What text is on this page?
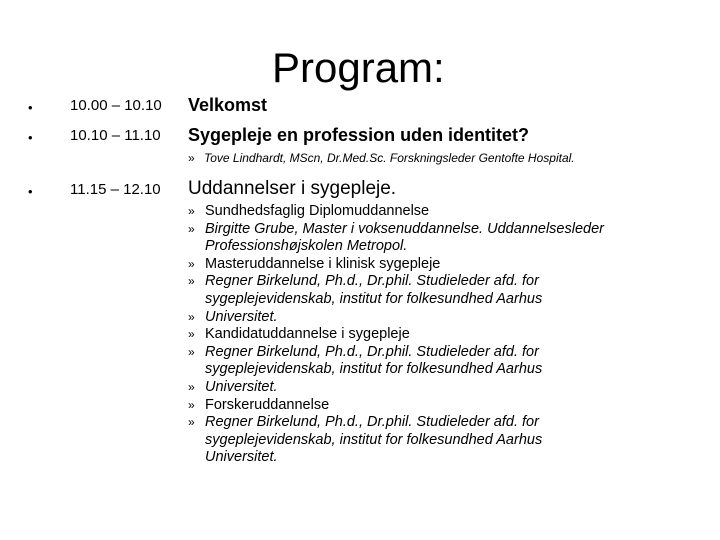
Program:
• 10.00 – 10.10 Velkomst
• 10.10 – 11.10 Sygepleje en profession uden identitet?
» Tove Lindhardt, MScn, Dr.Med.Sc. Forskningsleder Gentofte Hospital.
• 11.15 – 12.10 Uddannelser i sygepleje.
» Sundhedsfaglig Diplomuddannelse
» Birgitte Grube, Master i voksenuddannelse. Uddannelsesleder Professionshøjskolen Metropol.
» Masteruddannelse i klinisk sygepleje
» Regner Birkelund, Ph.d., Dr.phil. Studieleder afd. for sygeplejevidenskab, institut for folkesundhed Aarhus
» Universitet.
» Kandidatuddannelse i sygepleje
» Regner Birkelund, Ph.d., Dr.phil. Studieleder afd. for sygeplejevidenskab, institut for folkesundhed Aarhus
» Universitet.
» Forskeruddannelse
» Regner Birkelund, Ph.d., Dr.phil. Studieleder afd. for sygeplejevidenskab, institut for folkesundhed Aarhus Universitet.
